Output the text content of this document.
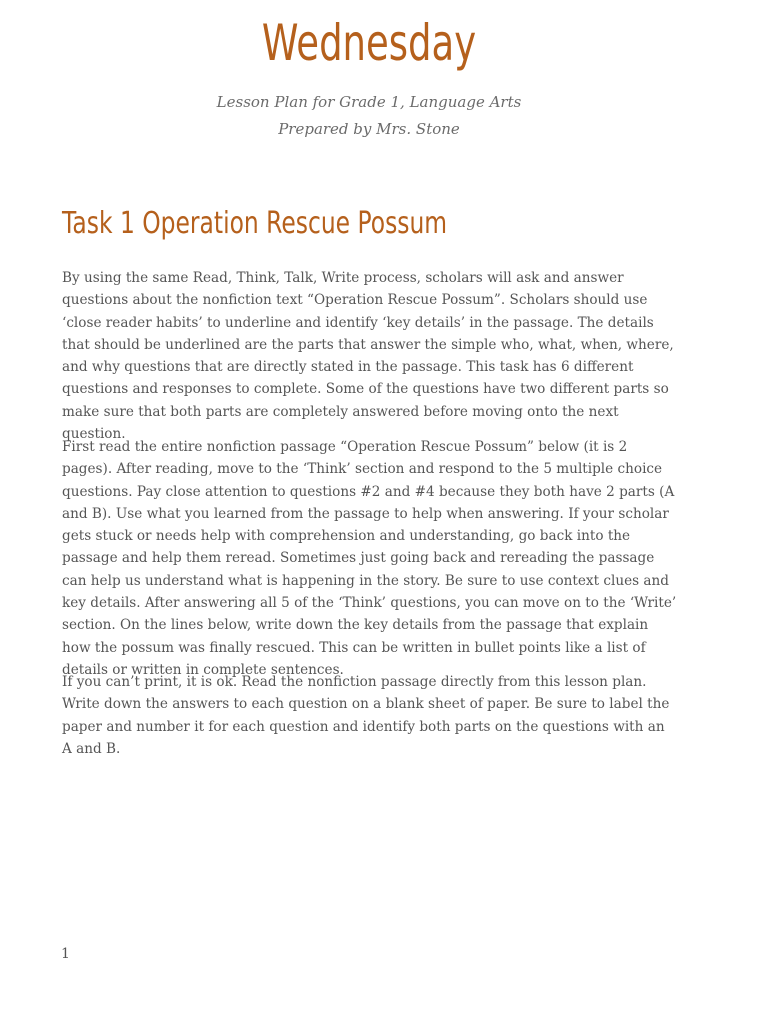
Wednesday

Lesson Plan for Grade 1, Language Arts

Prepared by Mrs. Stone

Task 1 Operation Rescue Possum

By using the same Read, Think, Talk, Write process, scholars will ask and answer questions about the nonfiction text “Operation Rescue Possum”. Scholars should use ‘close reader habits’ to underline and identify ‘key details’ in the passage. The details that should be underlined are the parts that answer the simple who, what, when, where, and why questions that are directly stated in the passage. This task has 6 different questions and responses to complete. Some of the questions have two different parts so make sure that both parts are completely answered before moving onto the next question.

First read the entire nonfiction passage “Operation Rescue Possum” below (it is 2 pages). After reading, move to the ‘Think’ section and respond to the 5 multiple choice questions. Pay close attention to questions #2 and #4 because they both have 2 parts (A and B). Use what you learned from the passage to help when answering. If your scholar gets stuck or needs help with comprehension and understanding, go back into the passage and help them reread. Sometimes just going back and rereading the passage can help us understand what is happening in the story. Be sure to use context clues and key details. After answering all 5 of the ‘Think’ questions, you can move on to the ‘Write’ section. On the lines below, write down the key details from the passage that explain how the possum was finally rescued. This can be written in bullet points like a list of details or written in complete sentences.

If you can’t print, it is ok. Read the nonfiction passage directly from this lesson plan. Write down the answers to each question on a blank sheet of paper. Be sure to label the paper and number it for each question and identify both parts on the questions with an A and B.

1
